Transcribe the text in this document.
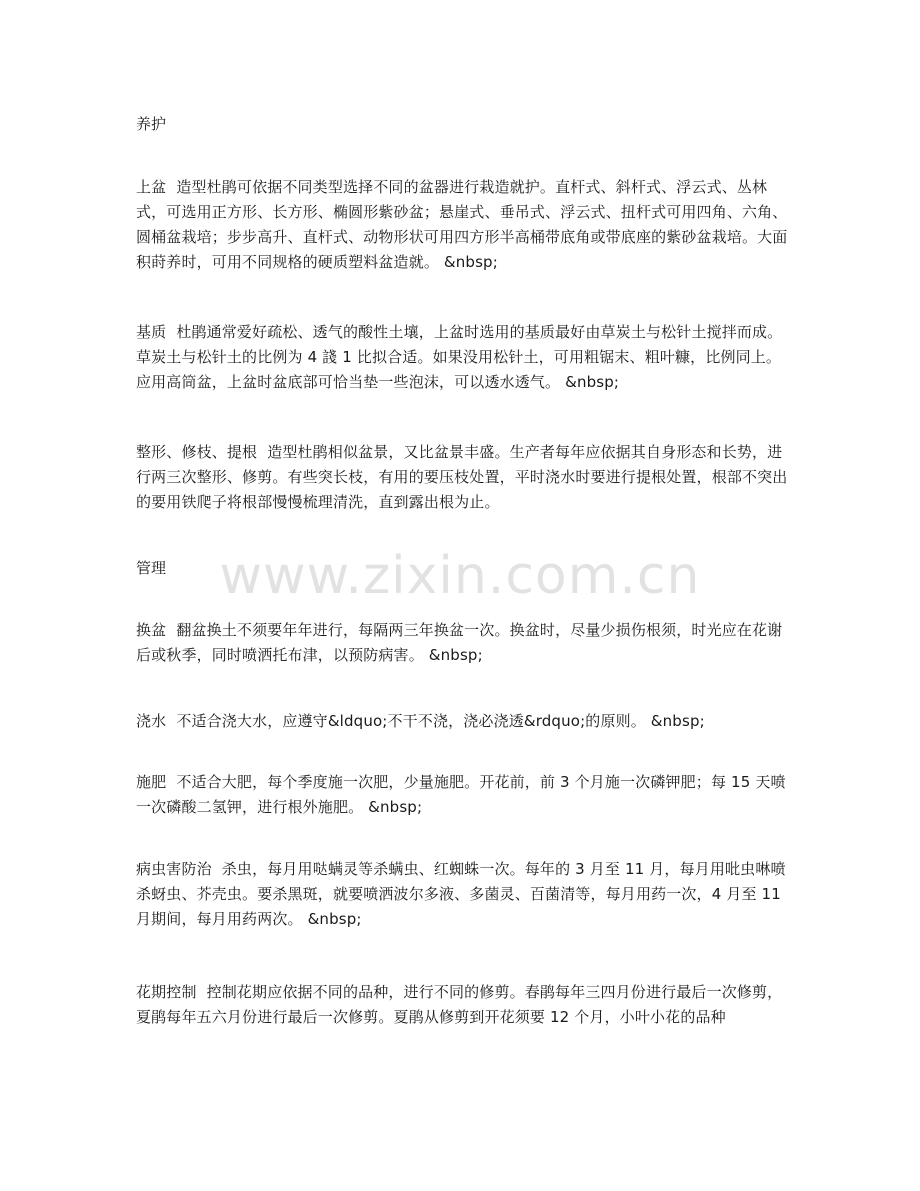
www.zixin.com.cn

养护

上盆 造型杜鹃可依据不同类型选择不同的盆器进行栽造就护。直杆式、斜杆式、浮云式、丛林式，可选用正方形、长方形、椭圆形紫砂盆；悬崖式、垂吊式、浮云式、扭杆式可用四角、六角、圆桶盆栽培；步步高升、直杆式、动物形状可用四方形半高桶带底角或带底座的紫砂盆栽培。大面积莳养时，可用不同规格的硬质塑料盆造就。 &nbsp;

基质 杜鹃通常爱好疏松、透气的酸性土壤，上盆时选用的基质最好由草炭土与松针土搅拌而成。草炭土与松针土的比例为 4 諓 1 比拟合适。如果没用松针土，可用粗锯末、粗叶糠，比例同上。应用高筒盆，上盆时盆底部可恰当垫一些泡沫，可以透水透气。 &nbsp;

整形、修枝、提根 造型杜鹃相似盆景，又比盆景丰盛。生产者每年应依据其自身形态和长势，进行两三次整形、修剪。有些突长枝，有用的要压枝处置，平时浇水时要进行提根处置，根部不突出的要用铁爬子将根部慢慢梳理清洗，直到露出根为止。

管理

换盆 翻盆换土不须要年年进行，每隔两三年换盆一次。换盆时，尽量少损伤根须，时光应在花谢后或秋季，同时喷洒托布津，以预防病害。 &nbsp;

浇水 不适合浇大水，应遵守&ldquo;不干不浇，浇必浇透&rdquo;的原则。 &nbsp;

施肥 不适合大肥，每个季度施一次肥，少量施肥。开花前，前 3 个月施一次磷钾肥；每 15 天喷一次磷酸二氢钾，进行根外施肥。 &nbsp;

病虫害防治 杀虫，每月用哒螨灵等杀螨虫、红蜘蛛一次。每年的 3 月至 11 月，每月用吡虫啉喷杀蚜虫、芥壳虫。要杀黑斑，就要喷洒波尔多液、多菌灵、百菌清等，每月用药一次，4 月至 11 月期间，每月用药两次。 &nbsp;

花期控制 控制花期应依据不同的品种，进行不同的修剪。春鹃每年三四月份进行最后一次修剪，夏鹃每年五六月份进行最后一次修剪。夏鹃从修剪到开花须要 12 个月，小叶小花的品种
